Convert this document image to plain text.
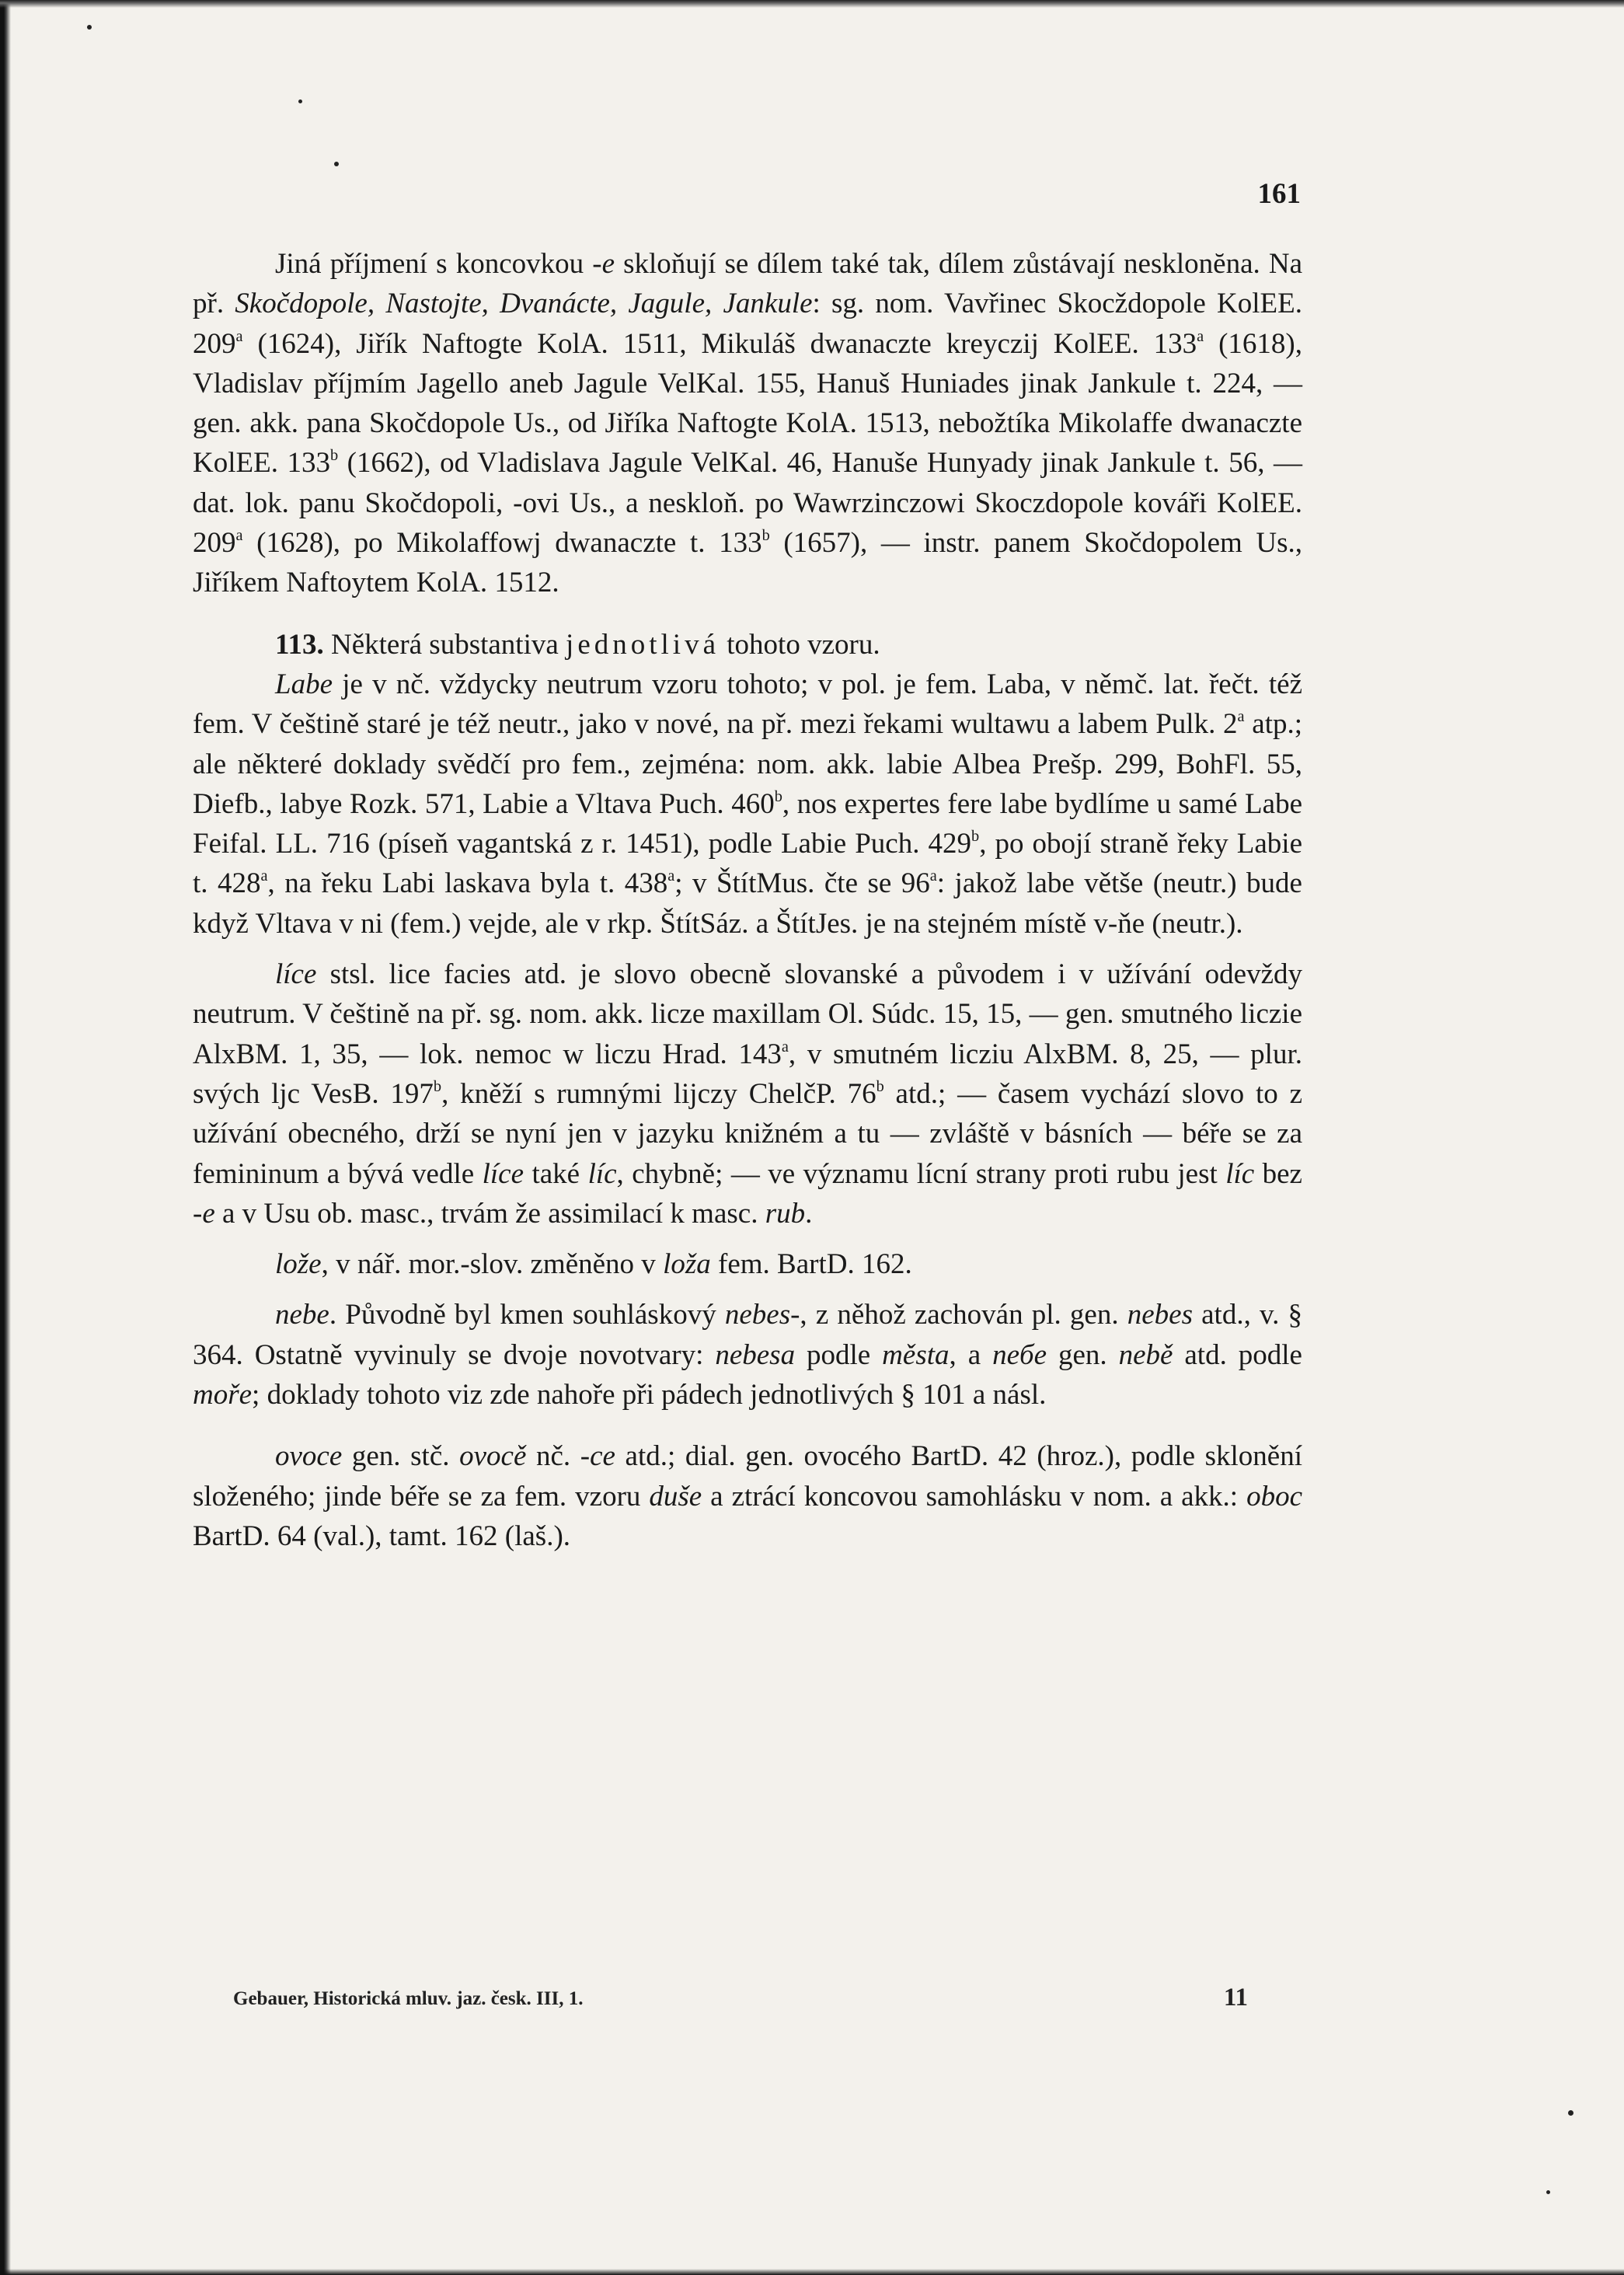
161

Jiná příjmení s koncovkou -e skloňují se dílem také tak, dílem zůstávají nesklonĕna. Na př. Skočdopole, Nastojte, Dvanácte, Jagule, Jankule: sg. nom. Vavřinec Skocždopole KolEE. 209$^a$ (1624), Jiřík Naftogte KolA. 1511, Mikuláš dwanaczte kreyczij KolEE. 133$^a$ (1618), Vladislav příjmím Jagello aneb Jagule VelKal. 155, Hanuš Huniades jinak Jankule t. 224, — gen. akk. pana Skočdopole Us., od Jiříka Naftogte KolA. 1513, nebožtíka Mikolaffe dwanaczte KolEE. 133$^b$ (1662), od Vladislava Jagule VelKal. 46, Hanuše Hunyady jinak Jankule t. 56, — dat. lok. panu Skočdopoli, -ovi Us., a neskloň. po Wawrzinczowi Skoczdopole kováři KolEE. 209$^a$ (1628), po Mikolaffowj dwanaczte t. 133$^b$ (1657), — instr. panem Skočdopolem Us., Jiříkem Naftoytem KolA. 1512.

113. Některá substantiva jednotlivá tohoto vzoru.

Labe je v nč. vždycky neutrum vzoru tohoto; v pol. je fem. Laba, v němč. lat. řečt. též fem. V češtině staré je též neutr., jako v nové, na př. mezi řekami wultawu a labem Pulk. 2$^a$ atp.; ale některé doklady svědčí pro fem., zejména: nom. akk. labie Albea Prešp. 299, BohFl. 55, Diefb., labye Rozk. 571, Labie a Vltava Puch. 460$^b$, nos expertes fere labe bydlíme u samé Labe Feifal. LL. 716 (píseň vagantská z r. 1451), podle Labie Puch. 429$^b$, po obojí straně řeky Labie t. 428$^a$, na řeku Labi laskava byla t. 438$^a$; v ŠtítMus. čte se 96$^a$: jakož labe větše (neutr.) bude když Vltava v ni (fem.) vejde, ale v rkp. ŠtítSáz. a ŠtítJes. je na stejném místě v-ňe (neutr.).

líce stsl. lice facies atd. je slovo obecně slovanské a původem i v užívání odevždy neutrum. V češtině na př. sg. nom. akk. licze maxillam Ol. Súdc. 15, 15, — gen. smutného liczie AlxBM. 1, 35, — lok. nemoc w liczu Hrad. 143$^a$, v smutném licziu AlxBM. 8, 25, — plur. svých ljc VesB. 197$^b$, kněží s rumnými lijczy ChelčP. 76$^b$ atd.; — časem vychází slovo to z užívání obecného, drží se nyní jen v jazyku knižném a tu — zvláště v básních — béře se za femininum a bývá vedle líce také líc, chybně; — ve významu lícní strany proti rubu jest líc bez -e a v Usu ob. masc., trvám že assimilací k masc. rub.

lože, v nář. mor.-slov. změněno v loža fem. BartD. 162.

nebe. Původně byl kmen souhláskový nebes-, z něhož zachován pl. gen. nebes atd., v. § 364. Ostatně vyvinuly se dvoje novotvary: nebesa podle města, a neбe gen. nebě atd. podle moře; doklady tohoto viz zde nahoře při pádech jednotlivých § 101 a násl.

ovoce gen. stč. ovocě nč. -ce atd.; dial. gen. ovocého BartD. 42 (hroz.), podle sklonění složeného; jinde béře se za fem. vzoru duše a ztrácí koncovou samohlásku v nom. a akk.: oboc BartD. 64 (val.), tamt. 162 (laš.).

Gebauer, Historická mluv. jaz. česk. III, 1.	11
